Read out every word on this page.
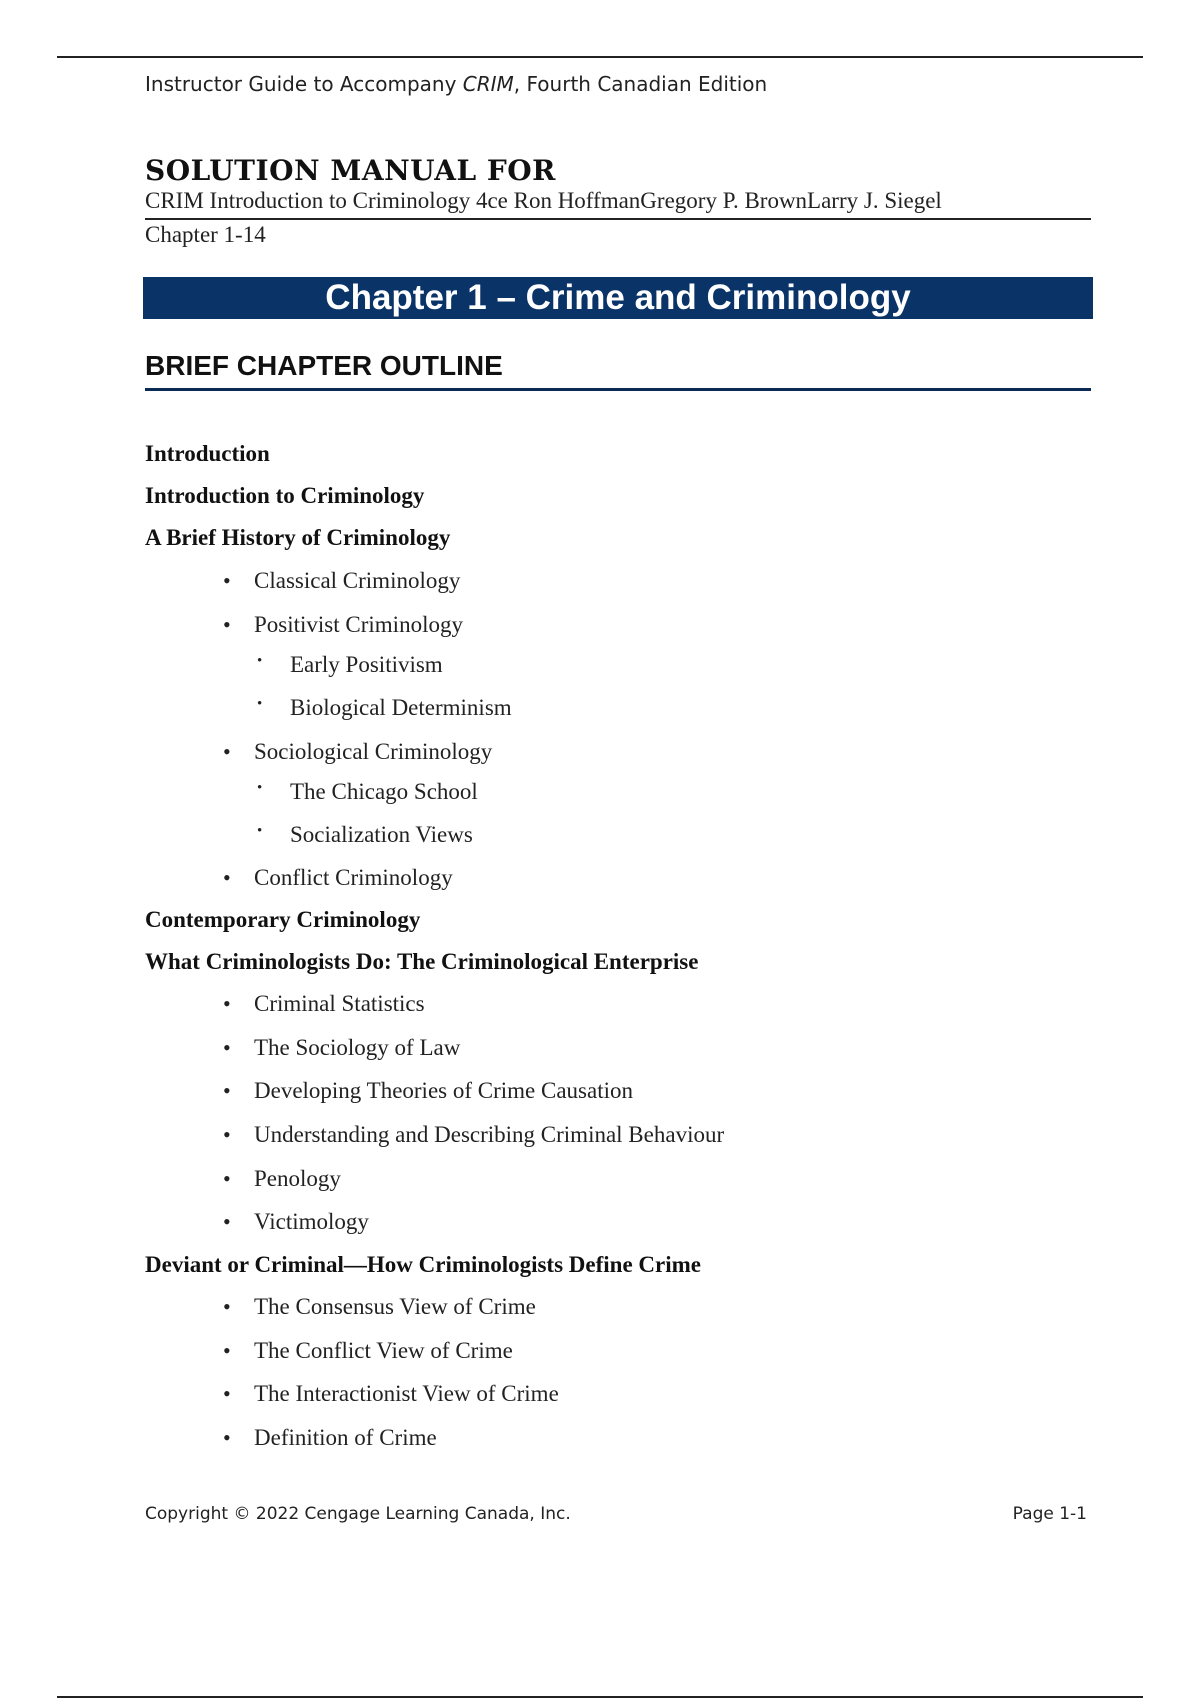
Instructor Guide to Accompany CRIM, Fourth Canadian Edition
SOLUTION MANUAL FOR
CRIM Introduction to Criminology 4ce Ron HoffmanGregory P. BrownLarry J. Siegel
Chapter 1-14
Chapter 1 – Crime and Criminology
BRIEF CHAPTER OUTLINE
Introduction
Introduction to Criminology
A Brief History of Criminology
• Classical Criminology
• Positivist Criminology
• Early Positivism
• Biological Determinism
• Sociological Criminology
• The Chicago School
• Socialization Views
• Conflict Criminology
Contemporary Criminology
What Criminologists Do: The Criminological Enterprise
• Criminal Statistics
• The Sociology of Law
• Developing Theories of Crime Causation
• Understanding and Describing Criminal Behaviour
• Penology
• Victimology
Deviant or Criminal—How Criminologists Define Crime
• The Consensus View of Crime
• The Conflict View of Crime
• The Interactionist View of Crime
• Definition of Crime
Copyright © 2022 Cengage Learning Canada, Inc.	Page 1-1
